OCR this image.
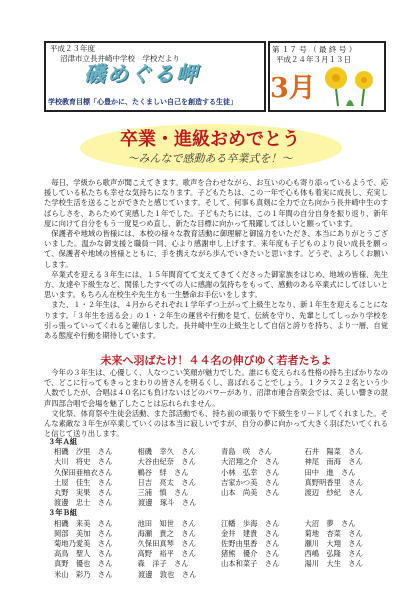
平成２３年度
沼津市立長井崎中学校　学校だより
磯めぐる岬
学校教育目標「心豊かに、たくましい自己を創造する生徒」
第 １７ 号 （ 最 終 号 ）
平成２４年３月１３日
3月
卒業・進級おめでとう
～みんなで感動ある卒業式を！～

毎日、学級から歌声が聞こえてきます。歌声を合わせながら、お互いの心も寄り添っているようで、応援している私たちも幸せな気持ちになります。子どもたちは、この一年で心も体も着実に成長し、充実した学校生活を送ることができたと感じています。そして、何事も真剣に全力で立ち向かう長井崎中生のすばらしさを、あらためて実感した１年でした。子どもたちには、この１年間の自分自身を振り返り、新年度に向けて自分をもう一度見つめ直し、新たな目標に向かって飛躍してほしいと願っています。

保護者や地域の皆様には、本校の様々な教育活動に御理解と御協力をいただき、本当にありがとうございました。温かな御支援と職員一同、心より感謝申し上げます。来年度も子どものより良い成長を願って、保護者や地域の皆様とともに、手を携えながら歩んでいきたいと思います。どうぞ、よろしくお願いします。

卒業式を迎える３年生には、１５年間育てて支えてきてくださった御家族をはじめ、地域の皆様、先生方、友達や下級生など、関係したすべての人に感謝の気持ちをもって、感動のある卒業式にしてほしいと思います。もちろん在校生や先生方も一生懸命お手伝いをします。

また、１・２年生は、４月からそれぞれ１学年ずつ上がって上級生となり、新１年生を迎えることになります。「３年生を送る会」の１・２年生の運営や行動を見て、伝統を守り、先輩としてしっかり学校を引っ張っていってくれると確信しました。長井崎中生の上級生として自信と誇りを持ち、より一層、自覚ある態度や行動を期待しています。

未来へ羽ばたけ！４４名の伸びゆく若者たちよ

今年の３年生は、心優しく、人なつこい笑顔が魅力でした。誰にも変えられる性格の持ち主ばかりなので、どこに行ってもきっとまわりの皆さんを明るくし、喜ばれることでしょう。１クラス２２名という少人数でしたが、合唱は４０名にも負けないほどのパワーがあり、沼津市連合音楽会では、美しい響きの混声四部合唱で会場を魅了したことは忘れられません。

文化祭、体育祭や生徒会活動、また部活動でも、持ち前の頑張りで下級生をリードしてくれました。そんな素敵な３年生が卒業していくのは本当に寂しいですが、自分の夢に向かって大きく羽ばたいてくれると信じて送り出します。

３年Ａ組
相磯　汐里　さん	相磯　幸久　さん	青島　咲　さん	石井　陽菜　さん
大川　将史　さん	大谷由紀奈　さん	大沼翔之介　さん	神尾　南海　さん
久保田亜柚衣さん	鵜谷　絆　さん	小林　弘幸　さん	田中　進　さん
土屋　佳生　さん	日吉　亮太　さん	吉家かつ美　さん	真野明香里　さん
丸野　実果　さん	三浦　慎　さん	山本　尚美　さん	渡辺　紗紀　さん
渡邊　忠士　さん	渡邊　琢斗　さん
３年Ｂ組
相磯　来美　さん	池田　知世　さん	江幡　歩海　さん	大沼　夢　さん
岡部　美加　さん	海瀬　貴之　さん	金井　建貴　さん	菊地　杏菜　さん
菊地乃愛美　さん	久保田真琴　さん	佐野由里香　さん	瀬川　大翔　さん
高鳥　聖人　さん	高野　裕平　さん	猪熊　優介　さん	西嶋　弘隆　さん
真野　優也　さん	森　洋子　さん	山本和菜子　さん	湯川　大生　さん
米山　彩乃　さん	渡邊　敦也　さん
